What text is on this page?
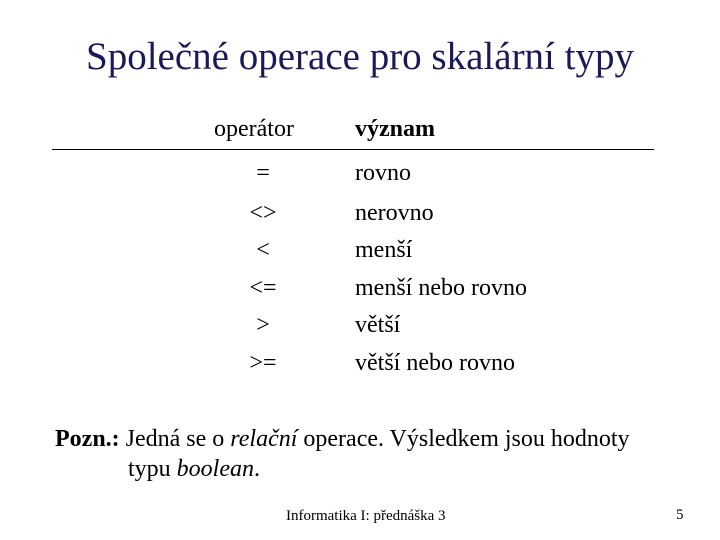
Společné operace pro skalární typy
operátor	význam
=	rovno
<>	nerovno
<	menší
<=	menší nebo rovno
>	větší
>=	větší nebo rovno
Pozn.: Jedná se o relační operace. Výsledkem jsou hodnoty
typu boolean.
Informatika I: přednáška 3	5
